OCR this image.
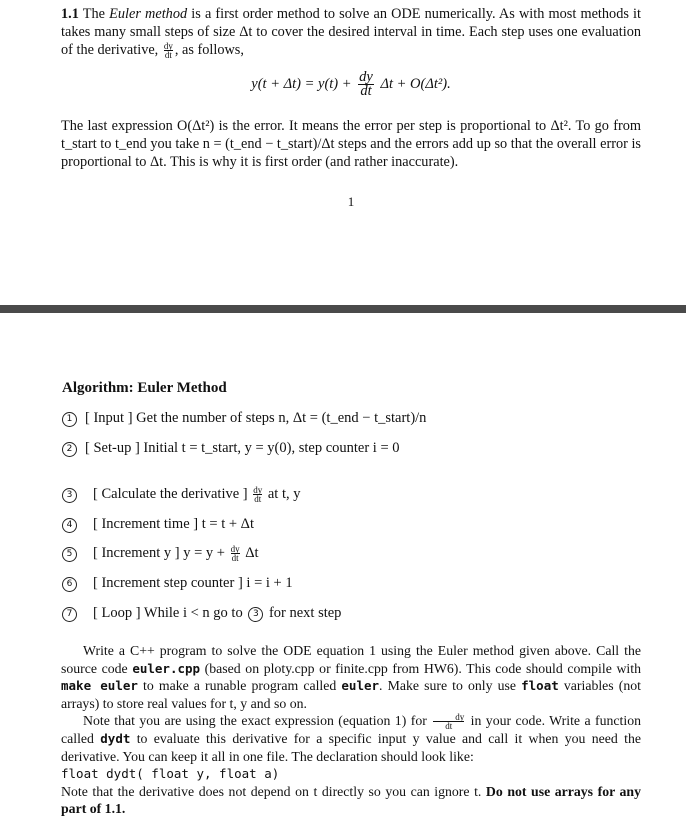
1.1 The Euler method is a first order method to solve an ODE numerically. As with most methods it takes many small steps of size Δt to cover the desired interval in time. Each step uses one evaluation of the derivative, $\frac{dy}{dt}$ , as follows,

$y(t + \Delta t) = y(t) + \frac{dy}{dt}$ Δt + O(Δt²).

The last expression O(Δt²) is the error. It means the error per step is proportional to Δt². To go from t_start to t_end you take n = (t_end − t_start)/Δt steps and the errors add up so that the overall error is proportional to Δt. This is why it is first order (and rather inaccurate).

1
Algorithm: Euler Method
1 [ Input ] Get the number of steps n, Δt = (t_end − t_start)/n
2 [ Set-up ] Initial t = t_start, y = y(0), step counter i = 0
3 [ Calculate the derivative ] $\frac{dy}{dt}$ at t, y
4 [ Increment time ] t = t + Δt
5 [ Increment y ] $y = y + \frac{dy}{dt}$ Δt
6 [ Increment step counter ] i = i + 1
7 [ Loop ] While i < n go to 3 for next step

Write a C++ program to solve the ODE equation 1 using the Euler method given above. Call the source code euler.cpp (based on ploty.cpp or finite.cpp from HW6). This code should compile with make euler to make a runable program called euler. Make sure to only use float variables (not arrays) to store real values for t, y and so on.

Note that you are using the exact expression (equation 1) for $\frac{dy}{dt}$ in your code. Write a function called dydt to evaluate this derivative for a specific input y value and call it when you need the derivative. You can keep it all in one file. The declaration should look like:

float dydt( float y, float a)

Note that the derivative does not depend on t directly so you can ignore t. Do not use arrays for any part of 1.1.
